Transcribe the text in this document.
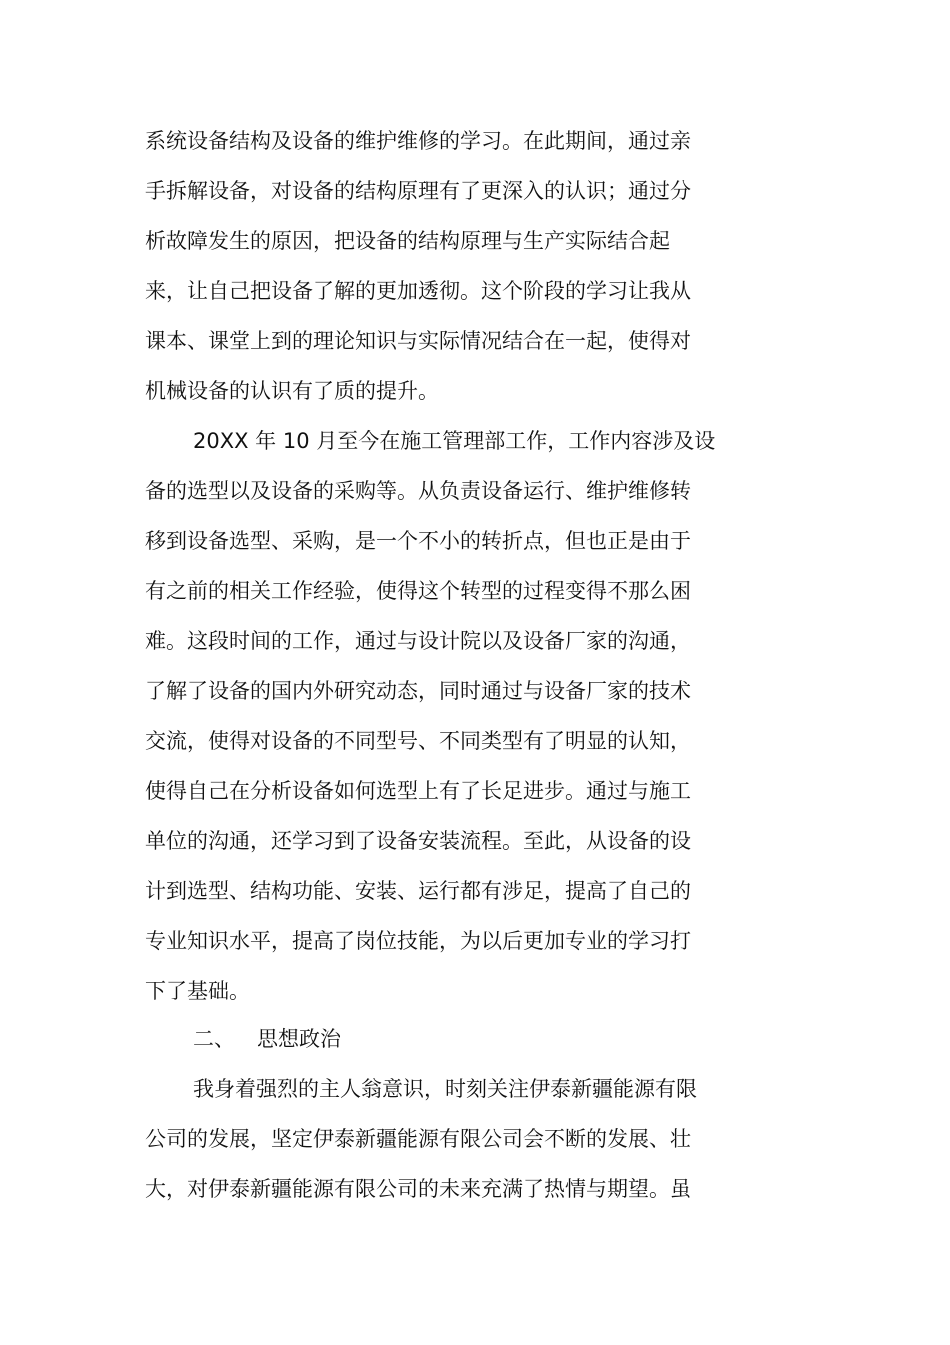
系统设备结构及设备的维护维修的学习。在此期间，通过亲
手拆解设备，对设备的结构原理有了更深入的认识；通过分
析故障发生的原因，把设备的结构原理与生产实际结合起
来，让自己把设备了解的更加透彻。这个阶段的学习让我从
课本、课堂上到的理论知识与实际情况结合在一起，使得对
机械设备的认识有了质的提升。
20XX 年 10 月至今在施工管理部工作，工作内容涉及设
备的选型以及设备的采购等。从负责设备运行、维护维修转
移到设备选型、采购，是一个不小的转折点，但也正是由于
有之前的相关工作经验，使得这个转型的过程变得不那么困
难。这段时间的工作，通过与设计院以及设备厂家的沟通，
了解了设备的国内外研究动态，同时通过与设备厂家的技术
交流，使得对设备的不同型号、不同类型有了明显的认知，
使得自己在分析设备如何选型上有了长足进步。通过与施工
单位的沟通，还学习到了设备安装流程。至此，从设备的设
计到选型、结构功能、安装、运行都有涉足，提高了自己的
专业知识水平，提高了岗位技能，为以后更加专业的学习打
下了基础。
二、 思想政治
我身着强烈的主人翁意识，时刻关注伊泰新疆能源有限
公司的发展，坚定伊泰新疆能源有限公司会不断的发展、壮
大，对伊泰新疆能源有限公司的未来充满了热情与期望。虽
